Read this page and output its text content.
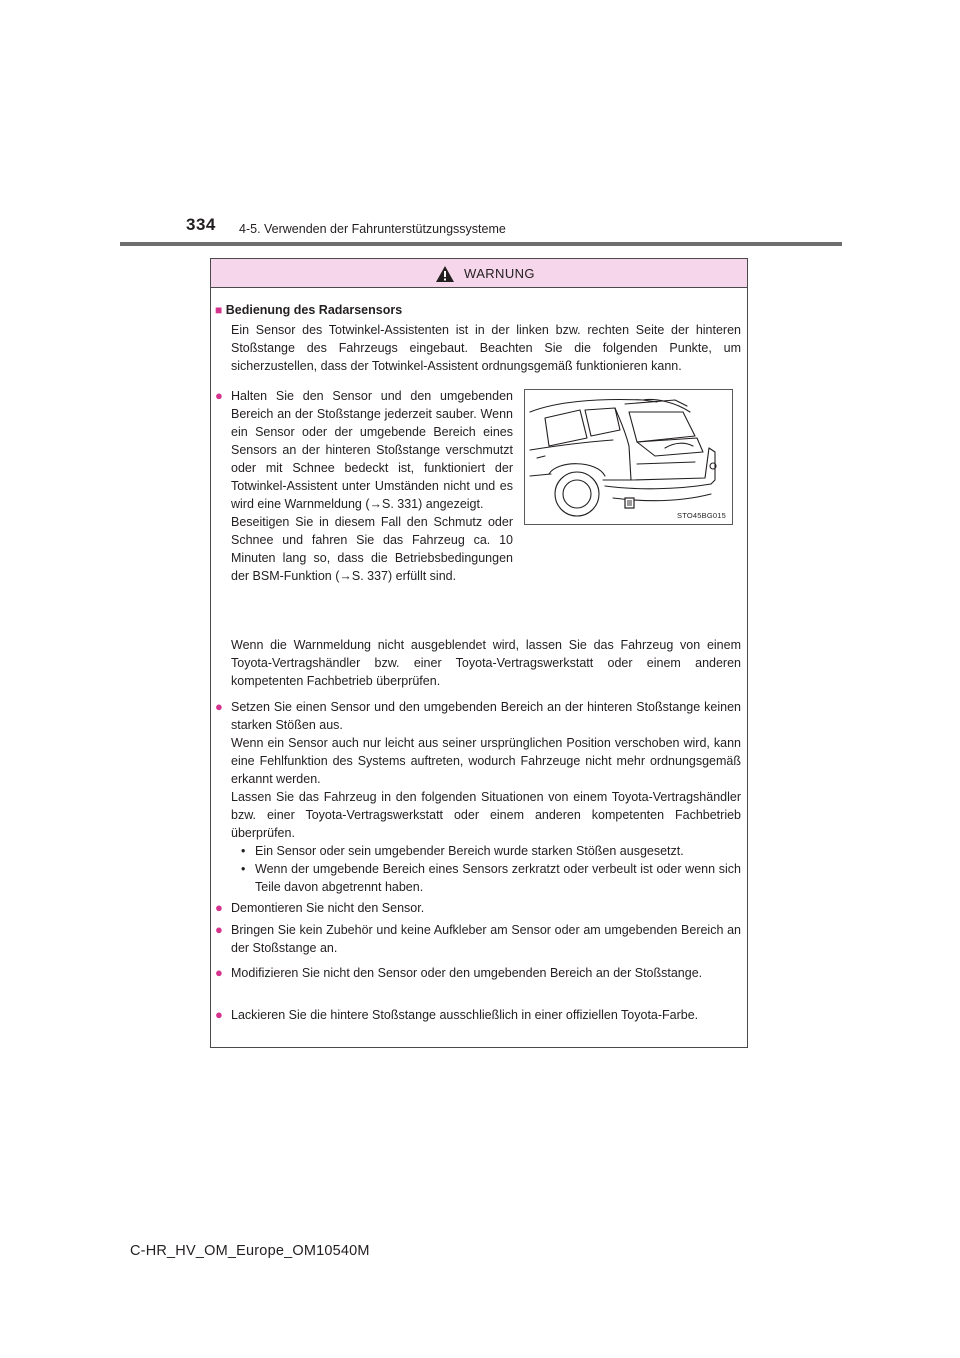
334 4-5. Verwenden der Fahrunterstützungssysteme
WARNUNG
■ Bedienung des Radarsensors
Ein Sensor des Totwinkel-Assistenten ist in der linken bzw. rechten Seite der hinteren Stoßstange des Fahrzeugs eingebaut. Beachten Sie die folgenden Punkte, um sicherzustellen, dass der Totwinkel-Assistent ordnungsgemäß funktionieren kann.
● Halten Sie den Sensor und den umgebenden Bereich an der Stoßstange jederzeit sauber. Wenn ein Sensor oder der umgebende Bereich eines Sensors an der hinteren Stoßstange verschmutzt oder mit Schnee bedeckt ist, funktioniert der Totwinkel-Assistent unter Umständen nicht und es wird eine Warnmeldung (→S. 331) angezeigt.
Beseitigen Sie in diesem Fall den Schmutz oder Schnee und fahren Sie das Fahrzeug ca. 10 Minuten lang so, dass die Betriebsbedingungen der BSM-Funktion (→S. 337) erfüllt sind.
STO45BG015
Wenn die Warnmeldung nicht ausgeblendet wird, lassen Sie das Fahrzeug von einem Toyota-Vertragshändler bzw. einer Toyota-Vertragswerkstatt oder einem anderen kompetenten Fachbetrieb überprüfen.
● Setzen Sie einen Sensor und den umgebenden Bereich an der hinteren Stoßstange keinen starken Stößen aus.
Wenn ein Sensor auch nur leicht aus seiner ursprünglichen Position verschoben wird, kann eine Fehlfunktion des Systems auftreten, wodurch Fahrzeuge nicht mehr ordnungsgemäß erkannt werden.
Lassen Sie das Fahrzeug in den folgenden Situationen von einem Toyota-Vertragshändler bzw. einer Toyota-Vertragswerkstatt oder einem anderen kompetenten Fachbetrieb überprüfen.
• Ein Sensor oder sein umgebender Bereich wurde starken Stößen ausgesetzt.
• Wenn der umgebende Bereich eines Sensors zerkratzt oder verbeult ist oder wenn sich Teile davon abgetrennt haben.
● Demontieren Sie nicht den Sensor.
● Bringen Sie kein Zubehör und keine Aufkleber am Sensor oder am umgebenden Bereich an der Stoßstange an.
● Modifizieren Sie nicht den Sensor oder den umgebenden Bereich an der Stoßstange.
● Lackieren Sie die hintere Stoßstange ausschließlich in einer offiziellen Toyota-Farbe.
C-HR_HV_OM_Europe_OM10540M
